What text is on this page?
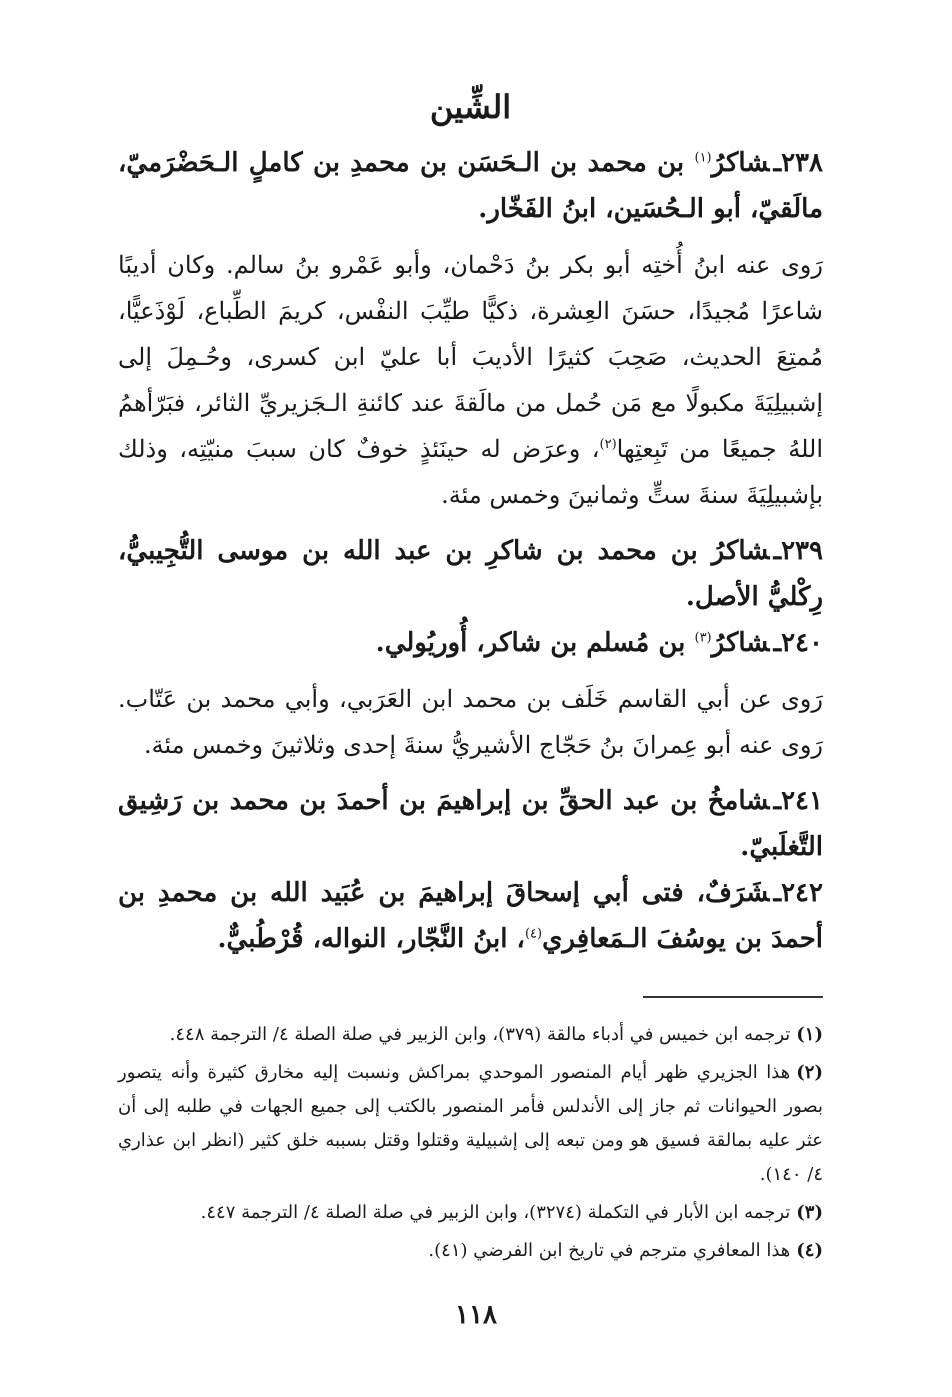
الشِّين

٢٣٨ـشاكرُ$^{(١)}$ بن محمد بن الـحَسَن بن محمدِ بن كاملٍ الـحَضْرَميّ، مالَقيّ، أبو الـحُسَين، ابنُ الفَخّار.

رَوى عنه ابنُ أُختِه أبو بكر بنُ دَحْمان، وأبو عَمْرو بنُ سالم. وكان أديبًا شاعرًا مُجيدًا، حسَنَ العِشرة، ذكيًّا طيِّبَ النفْس، كريمَ الطِّباع، لَوْذَعيًّا، مُمتِعَ الحديث، صَحِبَ كثيرًا الأديبَ أبا عليّ ابن كسرى، وحُـمِلَ إلى إشبيلِيَةَ مكبولًا مع مَن حُمل من مالَقةَ عند كائنةِ الـجَزيريِّ الثائر، فبَرّأهمُ اللهُ جميعًا من تَبِعتِها$^{(٢)}$، وعرَض له حينَئذٍ خوفٌ كان سببَ منيّتِه، وذلك بإشبيلِيَةَ سنةَ ستٍّ وثمانينَ وخمس مئة.

٢٣٩ـشاكرُ بن محمد بن شاكرِ بن عبد الله بن موسى التُّجِيبيُّ، رِكْليُّ الأصل.

٢٤٠ـشاكرُ$^{(٣)}$ بن مُسلم بن شاكر، أُوريُولي.

رَوى عن أبي القاسم خَلَف بن محمد ابن العَرَبي، وأبي محمد بن عَتّاب. رَوى عنه أبو عِمرانَ بنُ حَجّاج الأشيريُّ سنةَ إحدى وثلاثينَ وخمس مئة.

٢٤١ـشامخُ بن عبد الحقِّ بن إبراهيمَ بن أحمدَ بن محمد بن رَشِيق التَّغلَبيّ.

٢٤٢ـشَرَفٌ، فتى أبي إسحاقَ إبراهيمَ بن عُبَيد الله بن محمدِ بن أحمدَ بن يوسُفَ الـمَعافِري$^{(٤)}$، ابنُ النَّجّار، النواله، قُرْطُبيٌّ.

(١)ترجمه ابن خميس في أدباء مالقة (٣٧٩)، وابن الزبير في صلة الصلة ٤/ الترجمة ٤٤٨.

(٢)هذا الجزيري ظهر أيام المنصور الموحدي بمراكش ونسبت إليه مخارق كثيرة وأنه يتصور بصور الحيوانات ثم جاز إلى الأندلس فأمر المنصور بالكتب إلى جميع الجهات في طلبه إلى أن عثر عليه بمالقة فسيق هو ومن تبعه إلى إشبيلية وقتلوا وقتل بسببه خلق كثير (انظر ابن عذاري ٤/ ١٤٠).

(٣)ترجمه ابن الأبار في التكملة (٣٢٧٤)، وابن الزبير في صلة الصلة ٤/ الترجمة ٤٤٧.

(٤)هذا المعافري مترجم في تاريخ ابن الفرضي (٤١).

١١٨
